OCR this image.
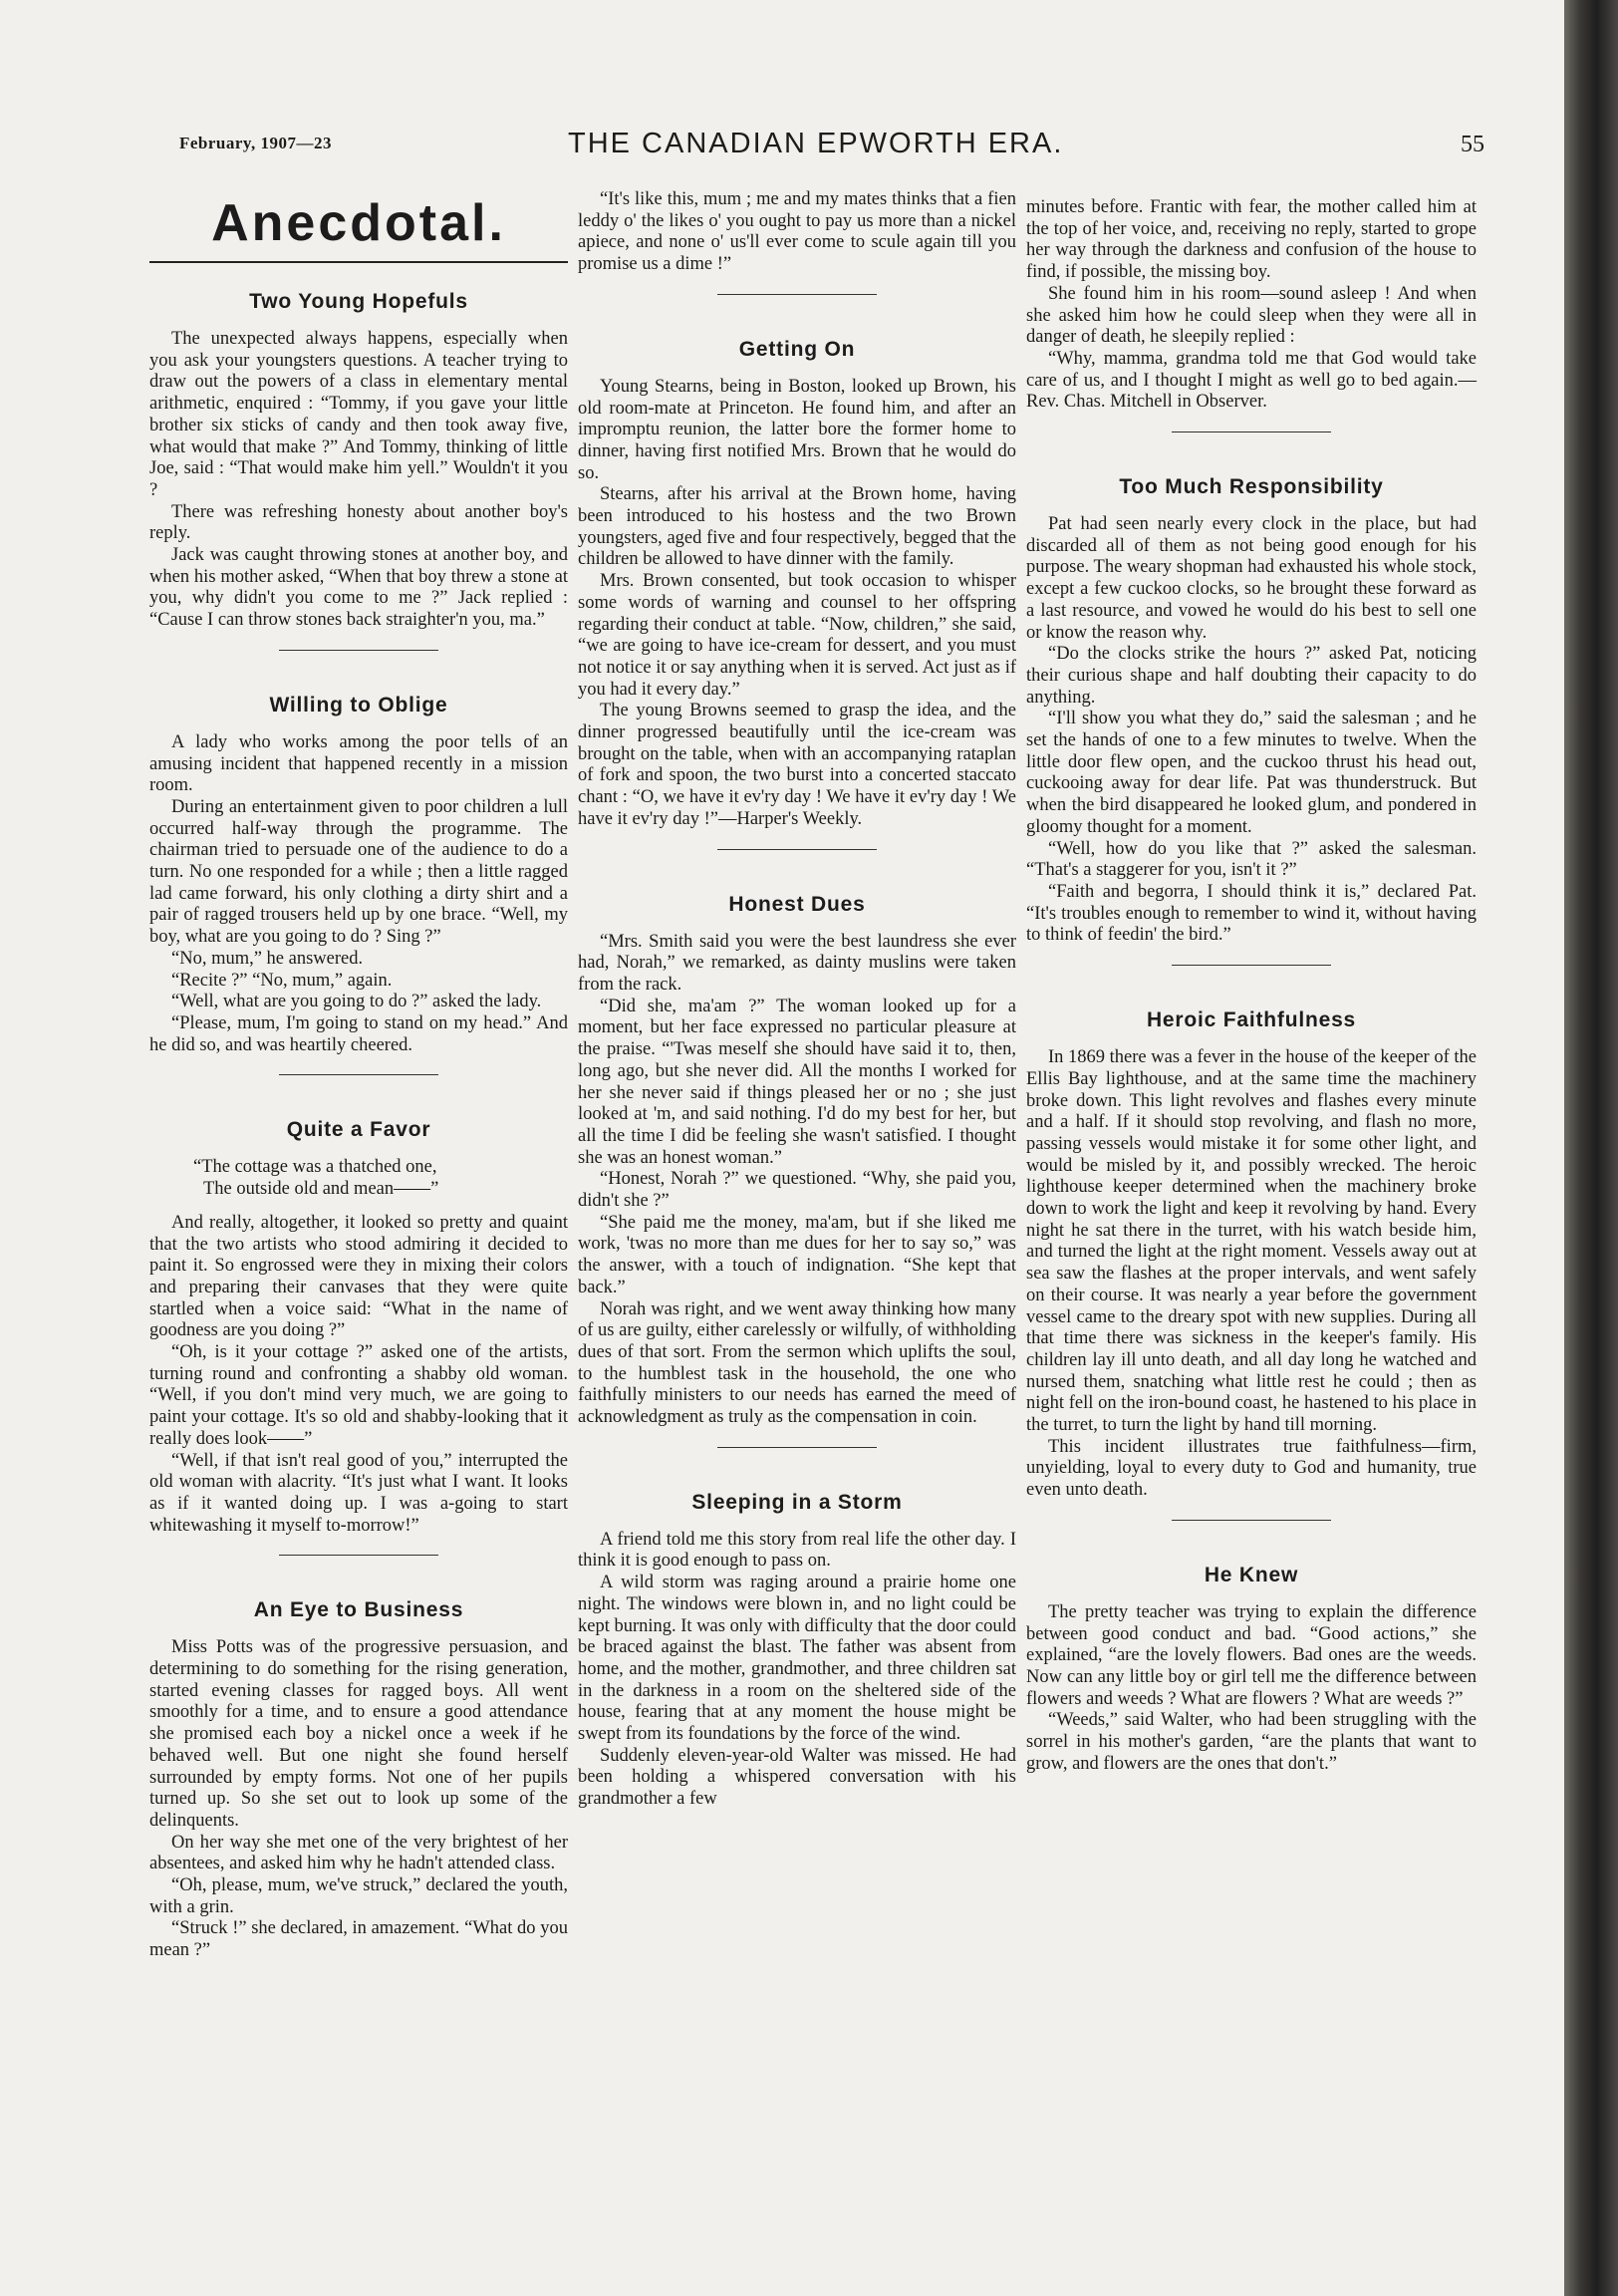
February, 1907—23	THE CANADIAN EPWORTH ERA.	55
Anecdotal.
Two Young Hopefuls

The unexpected always happens, especially when you ask your youngsters questions. A teacher trying to draw out the powers of a class in elementary mental arithmetic, enquired : “Tommy, if you gave your little brother six sticks of candy and then took away five, what would that make ?” And Tommy, thinking of little Joe, said : “That would make him yell.” Wouldn't it you ?

There was refreshing honesty about another boy's reply.

Jack was caught throwing stones at another boy, and when his mother asked, “When that boy threw a stone at you, why didn't you come to me ?” Jack replied : “Cause I can throw stones back straighter'n you, ma.”

Willing to Oblige

A lady who works among the poor tells of an amusing incident that happened recently in a mission room.

During an entertainment given to poor children a lull occurred half-way through the programme. The chairman tried to persuade one of the audience to do a turn. No one responded for a while ; then a little ragged lad came forward, his only clothing a dirty shirt and a pair of ragged trousers held up by one brace. “Well, my boy, what are you going to do ? Sing ?”

“No, mum,” he answered.

“Recite ?” “No, mum,” again.

“Well, what are you going to do ?” asked the lady.

“Please, mum, I'm going to stand on my head.” And he did so, and was heartily cheered.

Quite a Favor

“The cottage was a thatched one,

The outside old and mean——”

And really, altogether, it looked so pretty and quaint that the two artists who stood admiring it decided to paint it. So engrossed were they in mixing their colors and preparing their canvases that they were quite startled when a voice said: “What in the name of goodness are you doing ?”

“Oh, is it your cottage ?” asked one of the artists, turning round and confronting a shabby old woman. “Well, if you don't mind very much, we are going to paint your cottage. It's so old and shabby-looking that it really does look——”

“Well, if that isn't real good of you,” interrupted the old woman with alacrity. “It's just what I want. It looks as if it wanted doing up. I was a-going to start whitewashing it myself to-morrow!”

An Eye to Business

Miss Potts was of the progressive persuasion, and determining to do something for the rising generation, started evening classes for ragged boys. All went smoothly for a time, and to ensure a good attendance she promised each boy a nickel once a week if he behaved well. But one night she found herself surrounded by empty forms. Not one of her pupils turned up. So she set out to look up some of the delinquents.

On her way she met one of the very brightest of her absentees, and asked him why he hadn't attended class.

“Oh, please, mum, we've struck,” declared the youth, with a grin.

“Struck !” she declared, in amazement. “What do you mean ?”

“It's like this, mum ; me and my mates thinks that a fien leddy o' the likes o' you ought to pay us more than a nickel apiece, and none o' us'll ever come to scule again till you promise us a dime !”

Getting On

Young Stearns, being in Boston, looked up Brown, his old room-mate at Princeton. He found him, and after an impromptu reunion, the latter bore the former home to dinner, having first notified Mrs. Brown that he would do so.

Stearns, after his arrival at the Brown home, having been introduced to his hostess and the two Brown youngsters, aged five and four respectively, begged that the children be allowed to have dinner with the family.

Mrs. Brown consented, but took occasion to whisper some words of warning and counsel to her offspring regarding their conduct at table. “Now, children,” she said, “we are going to have ice-cream for dessert, and you must not notice it or say anything when it is served. Act just as if you had it every day.”

The young Browns seemed to grasp the idea, and the dinner progressed beautifully until the ice-cream was brought on the table, when with an accompanying rataplan of fork and spoon, the two burst into a concerted staccato chant : “O, we have it ev'ry day ! We have it ev'ry day ! We have it ev'ry day !”—Harper's Weekly.

Honest Dues

“Mrs. Smith said you were the best laundress she ever had, Norah,” we remarked, as dainty muslins were taken from the rack.

“Did she, ma'am ?” The woman looked up for a moment, but her face expressed no particular pleasure at the praise. “'Twas meself she should have said it to, then, long ago, but she never did. All the months I worked for her she never said if things pleased her or no ; she just looked at 'm, and said nothing. I'd do my best for her, but all the time I did be feeling she wasn't satisfied. I thought she was an honest woman.”

“Honest, Norah ?” we questioned. “Why, she paid you, didn't she ?”

“She paid me the money, ma'am, but if she liked me work, 'twas no more than me dues for her to say so,” was the answer, with a touch of indignation. “She kept that back.”

Norah was right, and we went away thinking how many of us are guilty, either carelessly or wilfully, of withholding dues of that sort. From the sermon which uplifts the soul, to the humblest task in the household, the one who faithfully ministers to our needs has earned the meed of acknowledgment as truly as the compensation in coin.

Sleeping in a Storm

A friend told me this story from real life the other day. I think it is good enough to pass on.

A wild storm was raging around a prairie home one night. The windows were blown in, and no light could be kept burning. It was only with difficulty that the door could be braced against the blast. The father was absent from home, and the mother, grandmother, and three children sat in the darkness in a room on the sheltered side of the house, fearing that at any moment the house might be swept from its foundations by the force of the wind.

Suddenly eleven-year-old Walter was missed. He had been holding a whispered conversation with his grandmother a few

minutes before. Frantic with fear, the mother called him at the top of her voice, and, receiving no reply, started to grope her way through the darkness and confusion of the house to find, if possible, the missing boy.

She found him in his room—sound asleep ! And when she asked him how he could sleep when they were all in danger of death, he sleepily replied :

“Why, mamma, grandma told me that God would take care of us, and I thought I might as well go to bed again.—Rev. Chas. Mitchell in Observer.

Too Much Responsibility

Pat had seen nearly every clock in the place, but had discarded all of them as not being good enough for his purpose. The weary shopman had exhausted his whole stock, except a few cuckoo clocks, so he brought these forward as a last resource, and vowed he would do his best to sell one or know the reason why.

“Do the clocks strike the hours ?” asked Pat, noticing their curious shape and half doubting their capacity to do anything.

“I'll show you what they do,” said the salesman ; and he set the hands of one to a few minutes to twelve. When the little door flew open, and the cuckoo thrust his head out, cuckooing away for dear life. Pat was thunderstruck. But when the bird disappeared he looked glum, and pondered in gloomy thought for a moment.

“Well, how do you like that ?” asked the salesman. “That's a staggerer for you, isn't it ?”

“Faith and begorra, I should think it is,” declared Pat. “It's troubles enough to remember to wind it, without having to think of feedin' the bird.”

Heroic Faithfulness

In 1869 there was a fever in the house of the keeper of the Ellis Bay lighthouse, and at the same time the machinery broke down. This light revolves and flashes every minute and a half. If it should stop revolving, and flash no more, passing vessels would mistake it for some other light, and would be misled by it, and possibly wrecked. The heroic lighthouse keeper determined when the machinery broke down to work the light and keep it revolving by hand. Every night he sat there in the turret, with his watch beside him, and turned the light at the right moment. Vessels away out at sea saw the flashes at the proper intervals, and went safely on their course. It was nearly a year before the government vessel came to the dreary spot with new supplies. During all that time there was sickness in the keeper's family. His children lay ill unto death, and all day long he watched and nursed them, snatching what little rest he could ; then as night fell on the iron-bound coast, he hastened to his place in the turret, to turn the light by hand till morning.

This incident illustrates true faithfulness—firm, unyielding, loyal to every duty to God and humanity, true even unto death.

He Knew

The pretty teacher was trying to explain the difference between good conduct and bad. “Good actions,” she explained, “are the lovely flowers. Bad ones are the weeds. Now can any little boy or girl tell me the difference between flowers and weeds ? What are flowers ? What are weeds ?”

“Weeds,” said Walter, who had been struggling with the sorrel in his mother's garden, “are the plants that want to grow, and flowers are the ones that don't.”
